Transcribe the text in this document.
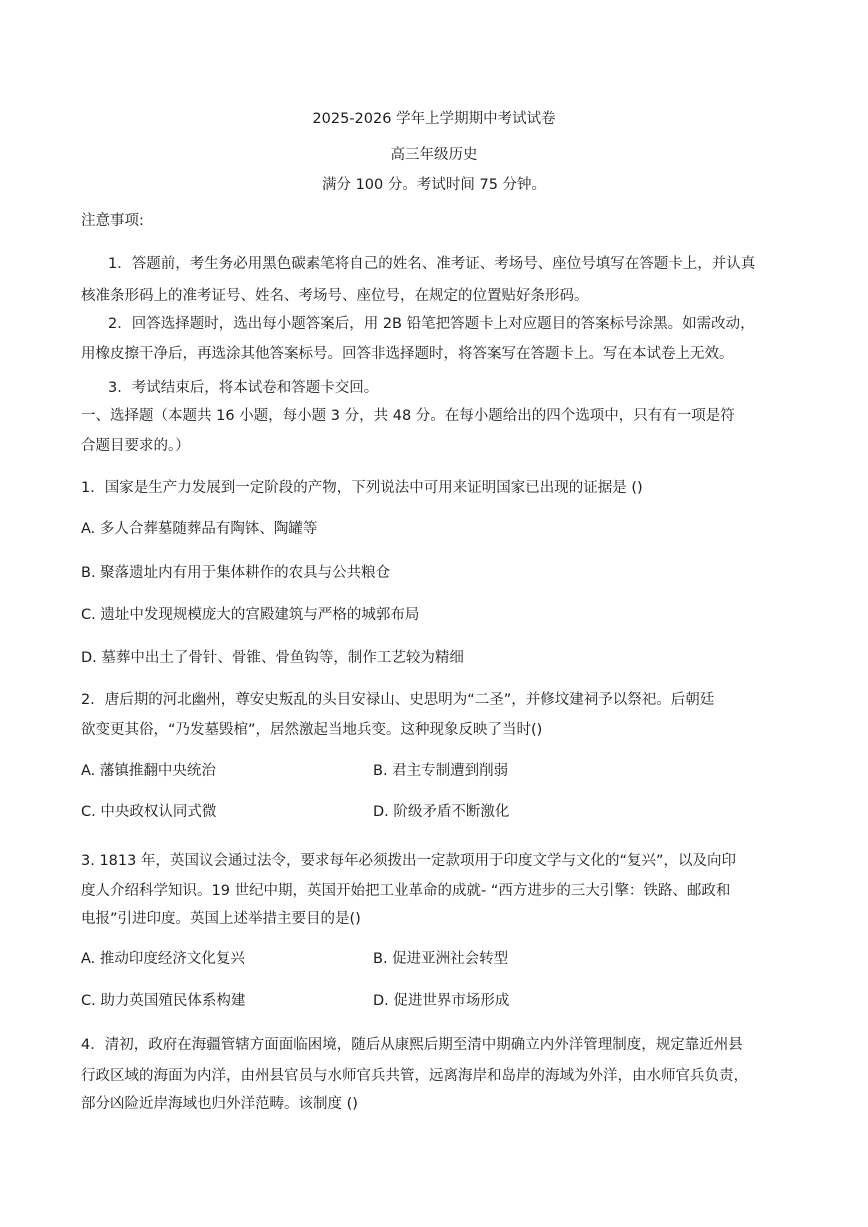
2025-2026 学年上学期期中考试试卷
高三年级历史
满分 100 分。考试时间 75 分钟。
注意事项:
1．答题前，考生务必用黑色碳素笔将自己的姓名、准考证、考场号、座位号填写在答题卡上，并认真
核准条形码上的准考证号、姓名、考场号、座位号，在规定的位置贴好条形码。
2．回答选择题时，选出每小题答案后，用 2B 铅笔把答题卡上对应题目的答案标号涂黑。如需改动，
用橡皮擦干净后，再选涂其他答案标号。回答非选择题时，将答案写在答题卡上。写在本试卷上无效。
3．考试结束后，将本试卷和答题卡交回。
一、选择题（本题共 16 小题，每小题 3 分，共 48 分。在每小题给出的四个选项中，只有有一项是符
合题目要求的。）
1．国家是生产力发展到一定阶段的产物，下列说法中可用来证明国家已出现的证据是 ()
A. 多人合葬墓随葬品有陶钵、陶罐等
B. 聚落遗址内有用于集体耕作的农具与公共粮仓
C. 遗址中发现规模庞大的宫殿建筑与严格的城郭布局
D. 墓葬中出土了骨针、骨锥、骨鱼钩等，制作工艺较为精细
2．唐后期的河北幽州，尊安史叛乱的头目安禄山、史思明为“二圣”，并修坟建祠予以祭祀。后朝廷
欲变更其俗，“乃发墓毁棺”，居然激起当地兵变。这种现象反映了当时()
A. 藩镇推翻中央统治	B. 君主专制遭到削弱
C. 中央政权认同式微	D. 阶级矛盾不断激化
3. 1813 年，英国议会通过法令，要求每年必须拨出一定款项用于印度文学与文化的“复兴”，以及向印
度人介绍科学知识。19 世纪中期，英国开始把工业革命的成就- “西方进步的三大引擎：铁路、邮政和
电报”引进印度。英国上述举措主要目的是()
A. 推动印度经济文化复兴	B. 促进亚洲社会转型
C. 助力英国殖民体系构建	D. 促进世界市场形成
4．清初，政府在海疆管辖方面面临困境，随后从康熙后期至清中期确立内外洋管理制度，规定靠近州县
行政区域的海面为内洋，由州县官员与水师官兵共管，远离海岸和岛岸的海域为外洋，由水师官兵负责，
部分凶险近岸海域也归外洋范畴。该制度 ()
